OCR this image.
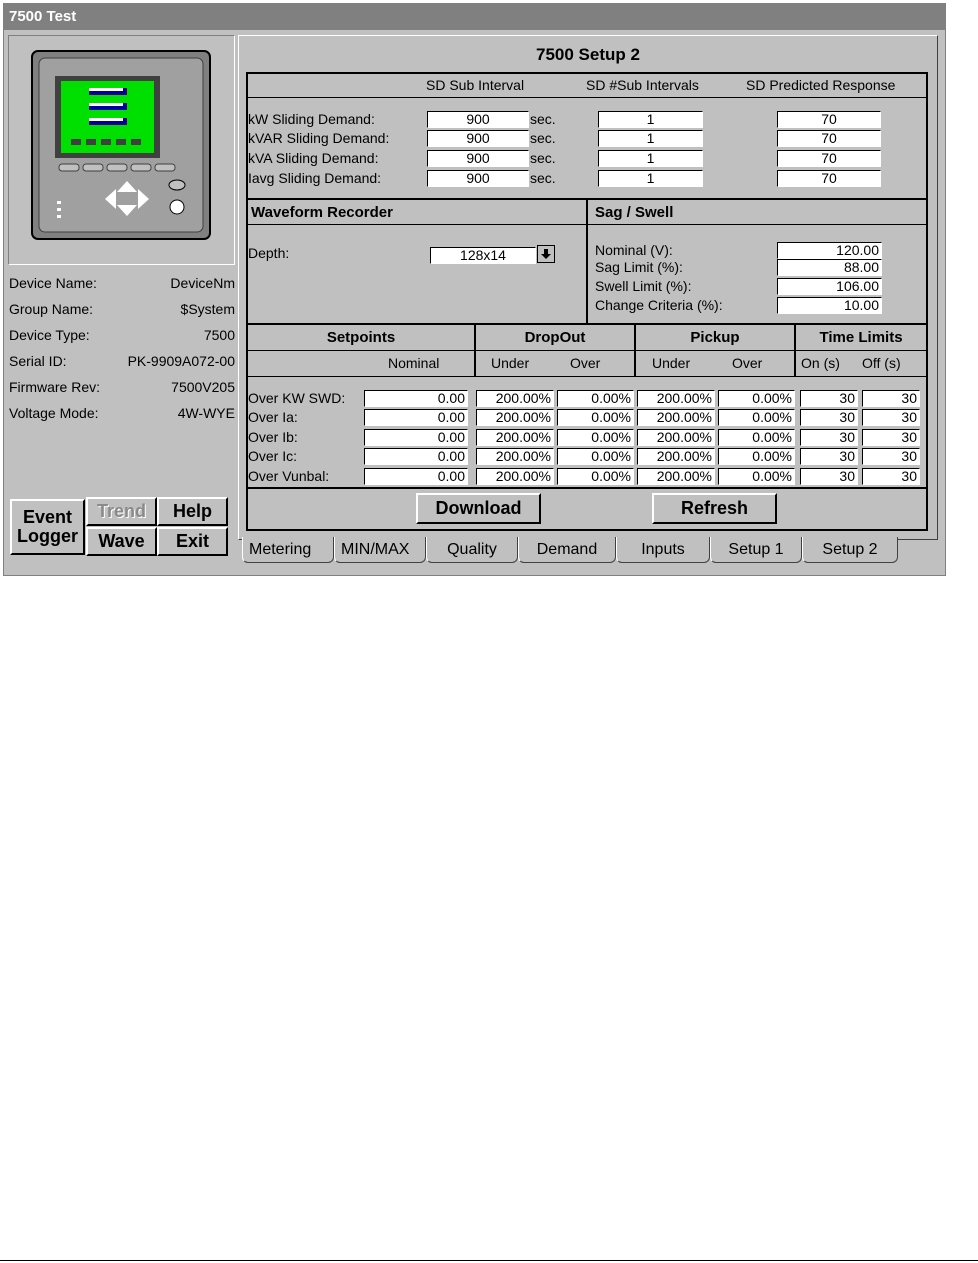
7500 Test
Device Name:	DeviceNm
Group Name:	$System
Device Type:	7500
Serial ID:	PK-9909A072-00
Firmware Rev:	7500V205
Voltage Mode:	4W-WYE
Event
Logger
Trend	Help
Wave	Exit
7500 Setup 2
SD Sub Interval	SD #Sub Intervals	SD Predicted Response
kW Sliding Demand:	900	sec.	1	70
kVAR Sliding Demand:	900	sec.	1	70
kVA Sliding Demand:	900	sec.	1	70
Iavg Sliding Demand:	900	sec.	1	70
Waveform Recorder	Sag / Swell
Depth:	128x14	Nominal (V):	120.00
Sag Limit (%):	88.00
Swell Limit (%):	106.00
Change Criteria (%):	10.00
Setpoints	DropOut	Pickup	Time Limits
Nominal	Under	Over	Under	Over	On (s) Off (s)
Over KW SWD:	0.00	200.00%	0.00%	200.00%	0.00%	30	30
Over Ia:	0.00	200.00%	0.00%	200.00%	0.00%	30	30
Over Ib:	0.00	200.00%	0.00%	200.00%	0.00%	30	30
Over Ic:	0.00	200.00%	0.00%	200.00%	0.00%	30	30
Over Vunbal:	0.00	200.00%	0.00%	200.00%	0.00%	30	30
Download	Refresh
Metering	MIN/MAX	Quality	Demand	Inputs	Setup 1	Setup 2
